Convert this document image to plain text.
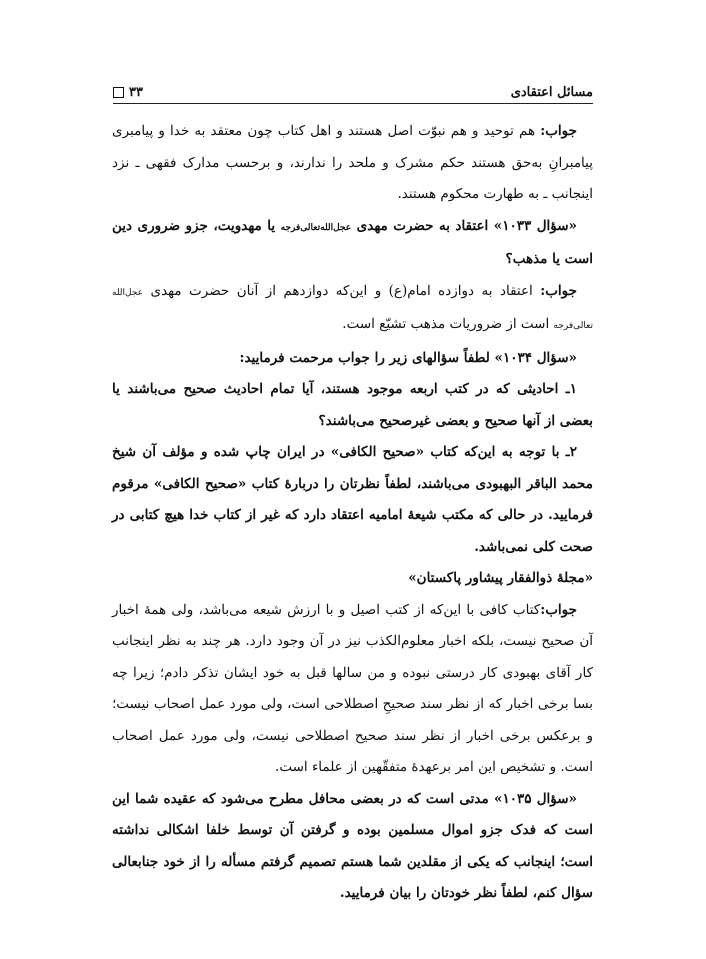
مسائل اعتقادی
۳۳

جواب: هم توحید و هم نبوّت اصل هستند و اهل کتاب چون معتقد به خدا و پیامبری پیامبرانِ به‌حق هستند حکم مشرک و ملحد را ندارند، و برحسب مدارک فقهی ـ نزد اینجانب ـ به طهارت محکوم هستند.

«سؤال ۱۰۳۳» اعتقاد به حضرت مهدی عجل‌الله‌تعالی‌فرجه یا مهدویت، جزو ضروری دین است یا مذهب؟

جواب: اعتقاد به دوازده امام(ع) و این‌که دوازدهم از آنان حضرت مهدی عجل‌الله تعالی‌فرجه است از ضروریات مذهب تشیّع است.

«سؤال ۱۰۳۴» لطفاً سؤالهای زیر را جواب مرحمت فرمایید:

۱ـ احادیثی که در کتب اربعه موجود هستند، آیا تمام احادیث صحیح می‌باشند یا بعضی از آنها صحیح و بعضی غیرصحیح می‌باشند؟

۲ـ با توجه به این‌که کتاب «صحیح الکافی» در ایران چاپ شده و مؤلف آن شیخ محمد الباقر البهبودی می‌باشند، لطفاً نظرتان را دربارهٔ کتاب «صحیح الکافی» مرقوم فرمایید. در حالی که مکتب شیعهٔ امامیه اعتقاد دارد که غیر از کتاب خدا هیچ کتابی در صحت کلی نمی‌باشد.

«مجلهٔ ذوالفقار پیشاور پاکستان»

جواب:کتاب کافی با این‌که از کتب اصیل و با ارزش شیعه می‌باشد، ولی همهٔ اخبار آن صحیح نیست، بلکه اخبار معلوم‌الکذب نیز در آن وجود دارد. هر چند به نظر اینجانب کار آقای بهبودی کار درستی نبوده و من سالها قبل به خود ایشان تذکر دادم؛ زیرا چه بسا برخی اخبار که از نظر سند صحیحِ اصطلاحی است، ولی مورد عمل اصحاب نیست؛ و برعکس برخی اخبار از نظر سند صحیح اصطلاحی نیست، ولی مورد عمل اصحاب است. و تشخیص این امر برعهدهٔ متفقّهین از علماء است.

«سؤال ۱۰۳۵» مدتی است که در بعضی محافل مطرح می‌شود که عقیده شما این است که فدک جزو اموال مسلمین بوده و گرفتن آن توسط خلفا اشکالی نداشته است؛ اینجانب که یکی از مقلدین شما هستم تصمیم گرفتم مسأله را از خود جنابعالی سؤال کنم، لطفاً نظر خودتان را بیان فرمایید.
